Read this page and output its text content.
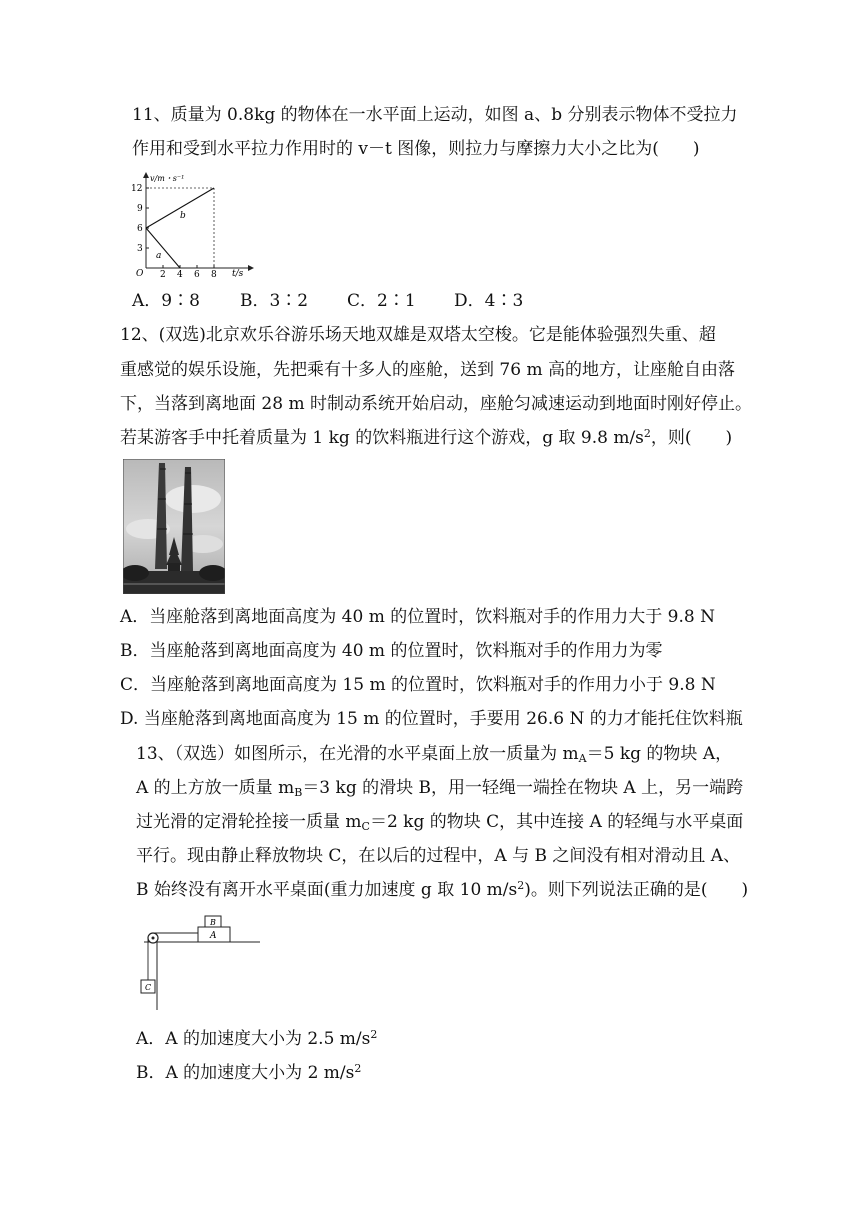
11、质量为 0.8kg 的物体在一水平面上运动，如图 a、b 分别表示物体不受拉力
作用和受到水平拉力作用时的 v－t 图像，则拉力与摩擦力大小之比为(　　)
v/m・s⁻¹
t/s
O
3
6
9
12
2 4 6 8
a
b
A．9∶8 B．3∶2 C．2∶1 D．4∶3
12、(双选)北京欢乐谷游乐场天地双雄是双塔太空梭。它是能体验强烈失重、超
重感觉的娱乐设施，先把乘有十多人的座舱，送到 76 m 高的地方，让座舱自由落
下，当落到离地面 28 m 时制动系统开始启动，座舱匀减速运动到地面时刚好停止。
若某游客手中托着质量为 1 kg 的饮料瓶进行这个游戏，g 取 9.8 $m/s^2$，则(　　)
A．当座舱落到离地面高度为 40 m 的位置时，饮料瓶对手的作用力大于 9.8 N
B．当座舱落到离地面高度为 40 m 的位置时，饮料瓶对手的作用力为零
C．当座舱落到离地面高度为 15 m 的位置时，饮料瓶对手的作用力小于 9.8 N
D. 当座舱落到离地面高度为 15 m 的位置时，手要用 26.6 N 的力才能托住饮料瓶
13、（双选）如图所示，在光滑的水平桌面上放一质量为 $m_A=5$ kg 的物块 A，
A 的上方放一质量 $m_B=3$ kg 的滑块 B，用一轻绳一端拴在物块 A 上，另一端跨
过光滑的定滑轮拴接一质量 $m_C=2$ kg 的物块 C，其中连接 A 的轻绳与水平桌面
平行。现由静止释放物块 C，在以后的过程中，A 与 B 之间没有相对滑动且 A、
B 始终没有离开水平桌面(重力加速度 g 取 10 $m/s^2$)。则下列说法正确的是(　　)
A
B
C
A．A 的加速度大小为 2.5 $m/s^2$
B．A 的加速度大小为 2 $m/s^2$
